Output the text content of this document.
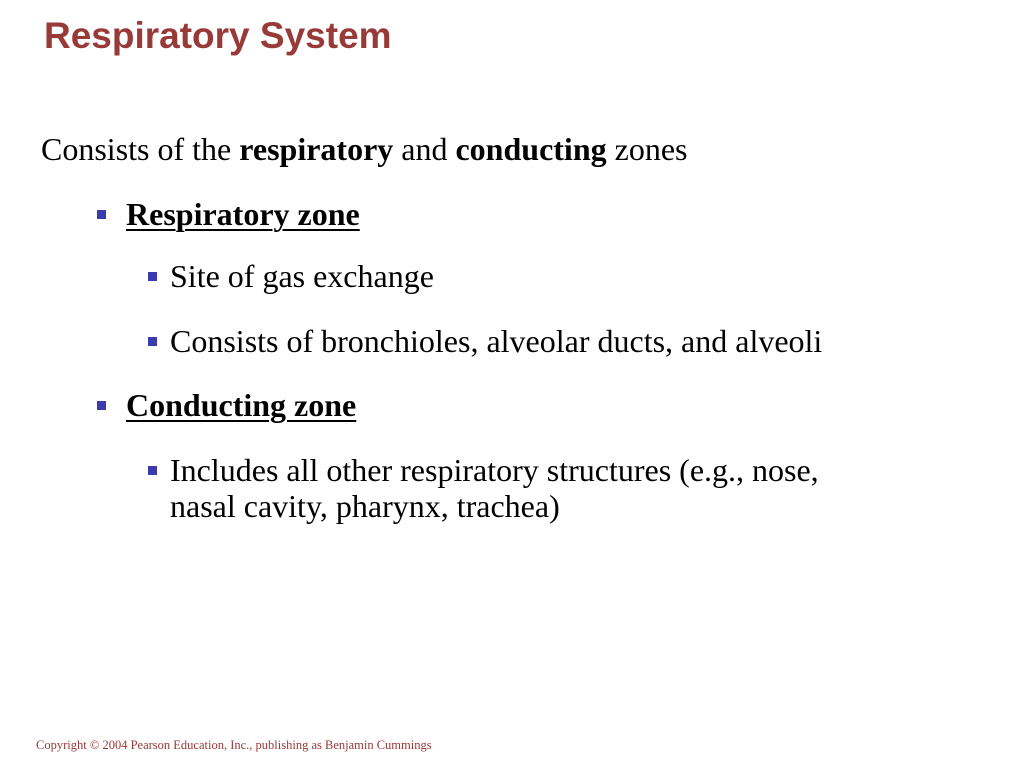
Respiratory System
Consists of the respiratory and conducting zones
Respiratory zone
Site of gas exchange
Consists of bronchioles, alveolar ducts, and alveoli
Conducting zone
Includes all other respiratory structures (e.g., nose,
nasal cavity, pharynx, trachea)
Copyright © 2004 Pearson Education, Inc., publishing as Benjamin Cummings
